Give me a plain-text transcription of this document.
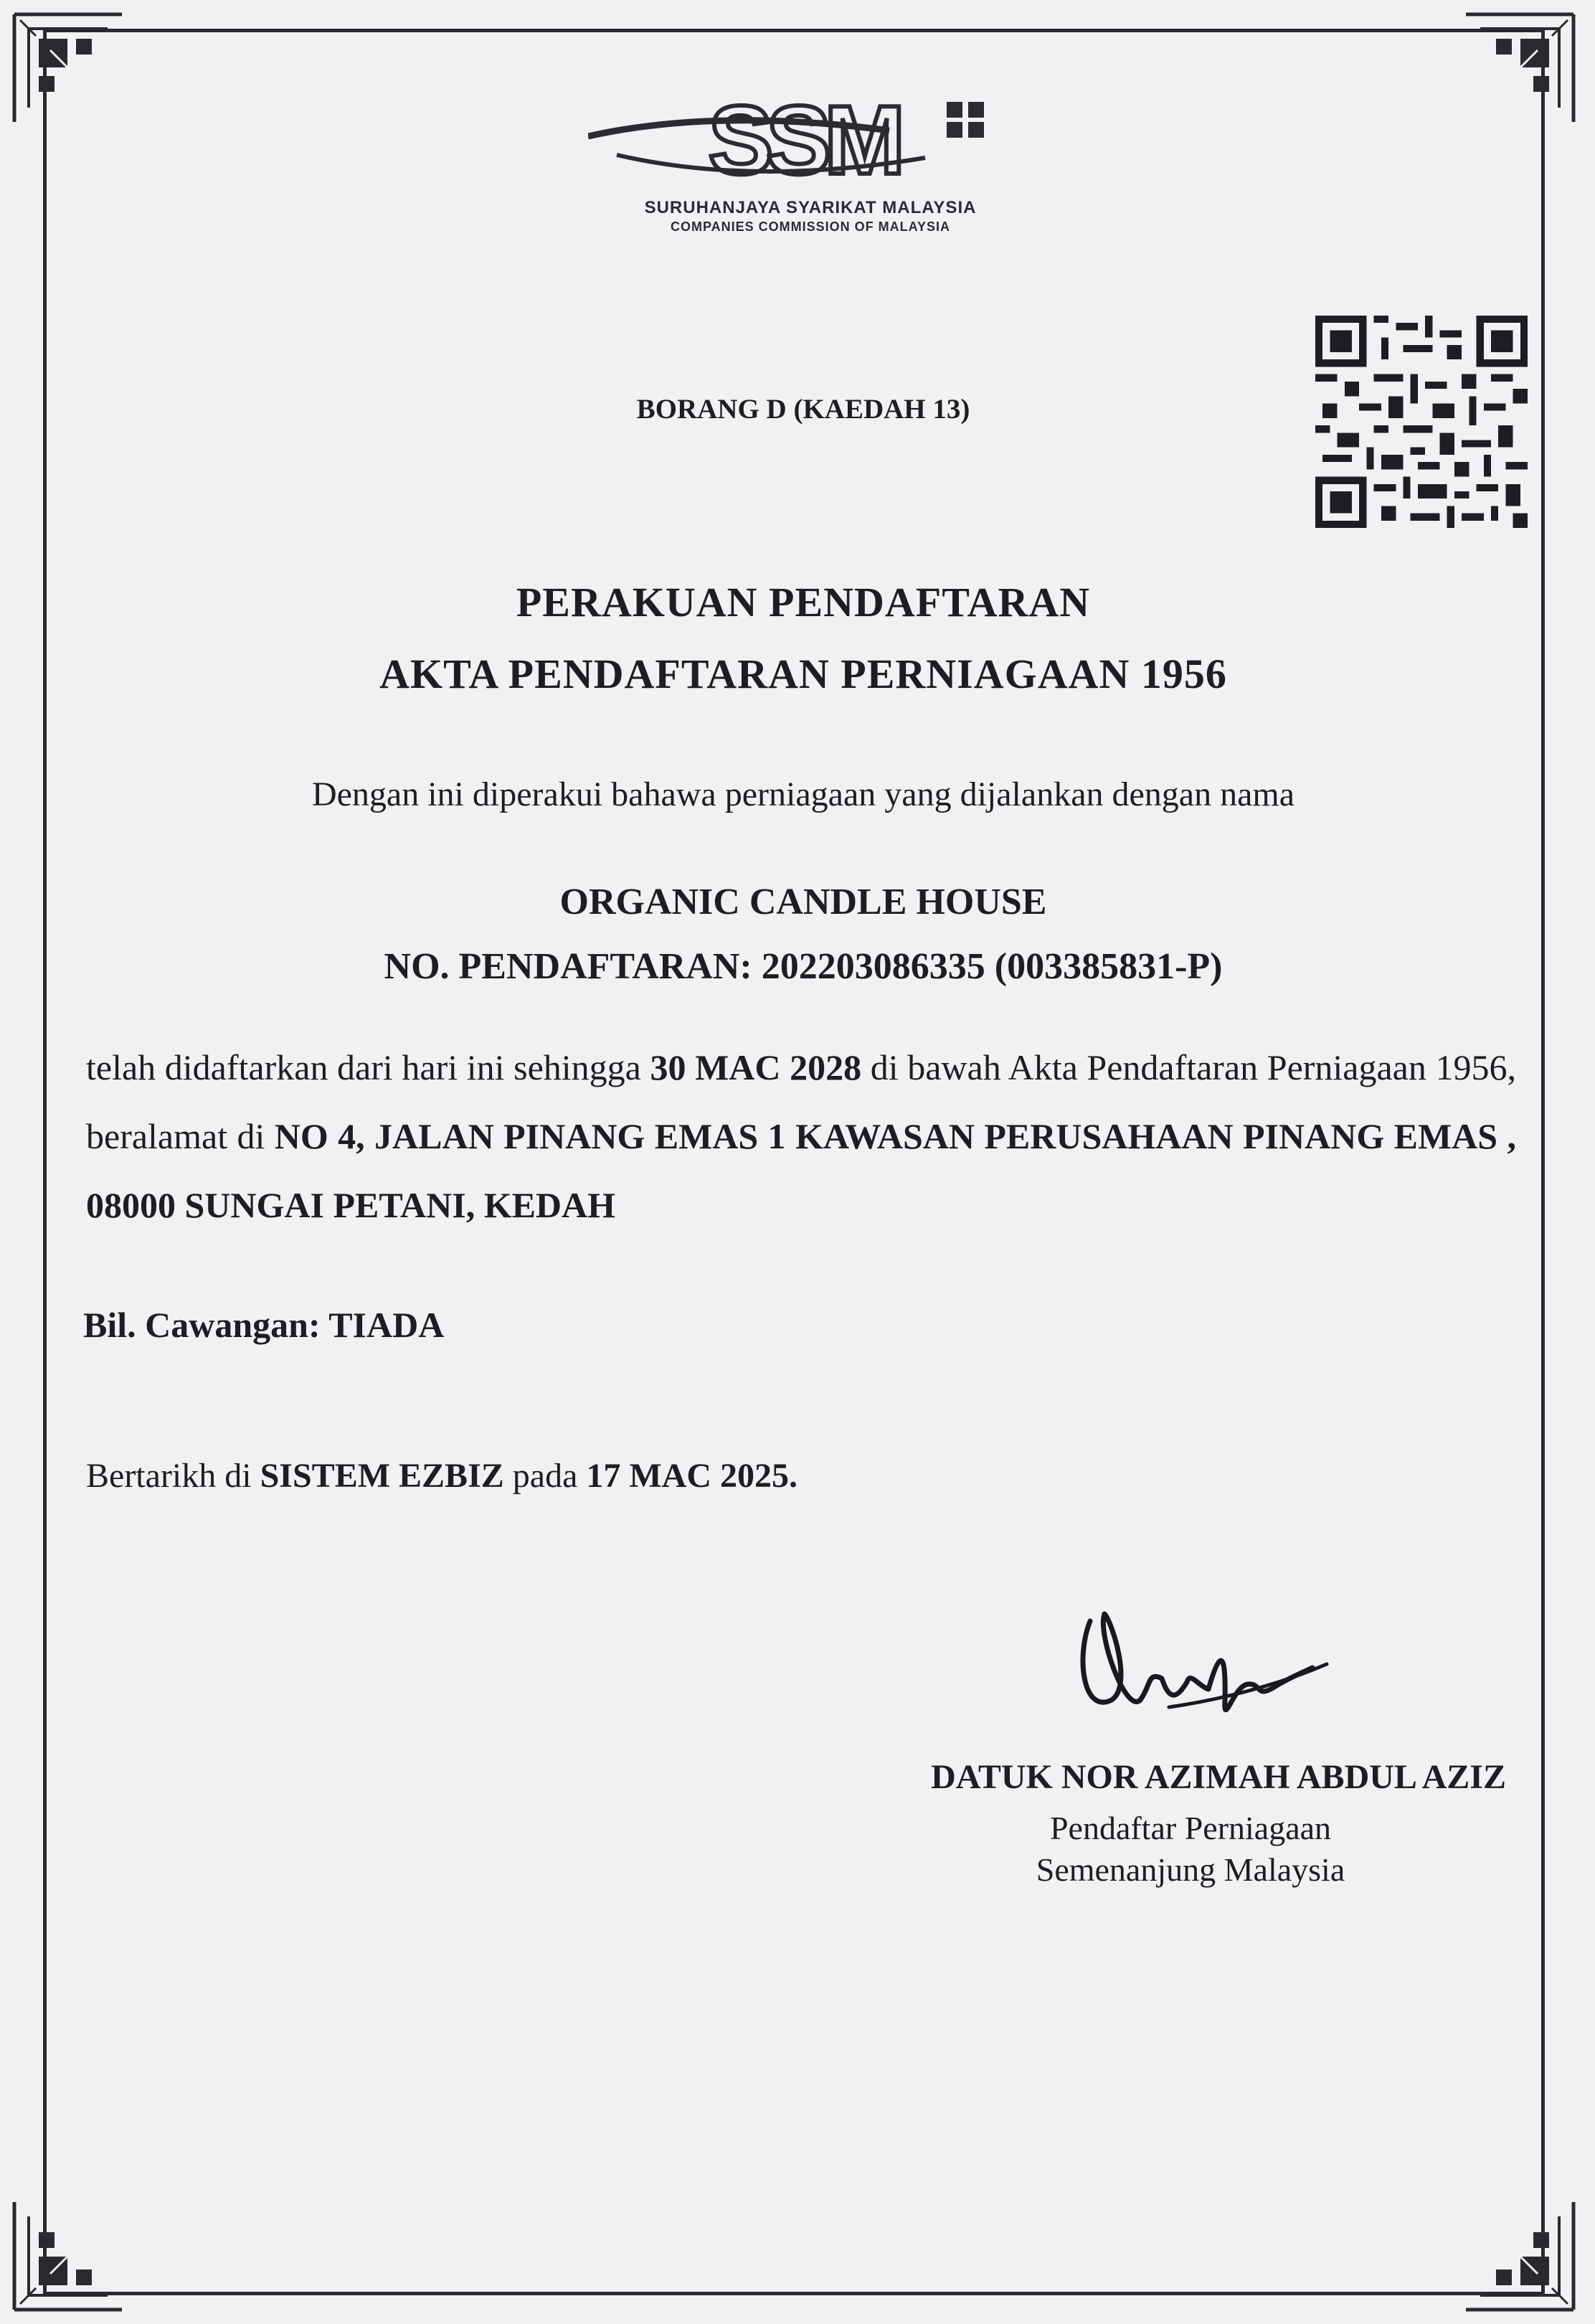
SSM
SURUHANJAYA SYARIKAT MALAYSIA
COMPANIES COMMISSION OF MALAYSIA
BORANG D (KAEDAH 13)
PERAKUAN PENDAFTARAN
AKTA PENDAFTARAN PERNIAGAAN 1956
Dengan ini diperakui bahawa perniagaan yang dijalankan dengan nama
ORGANIC CANDLE HOUSE
NO. PENDAFTARAN: 202203086335 (003385831-P)
telah didaftarkan dari hari ini sehingga 30 MAC 2028 di bawah Akta Pendaftaran Perniagaan 1956, beralamat di NO 4, JALAN PINANG EMAS 1 KAWASAN PERUSAHAAN PINANG EMAS , 08000 SUNGAI PETANI, KEDAH
Bil. Cawangan: TIADA
Bertarikh di SISTEM EZBIZ pada 17 MAC 2025.
DATUK NOR AZIMAH ABDUL AZIZ
Pendaftar Perniagaan
Semenanjung Malaysia
